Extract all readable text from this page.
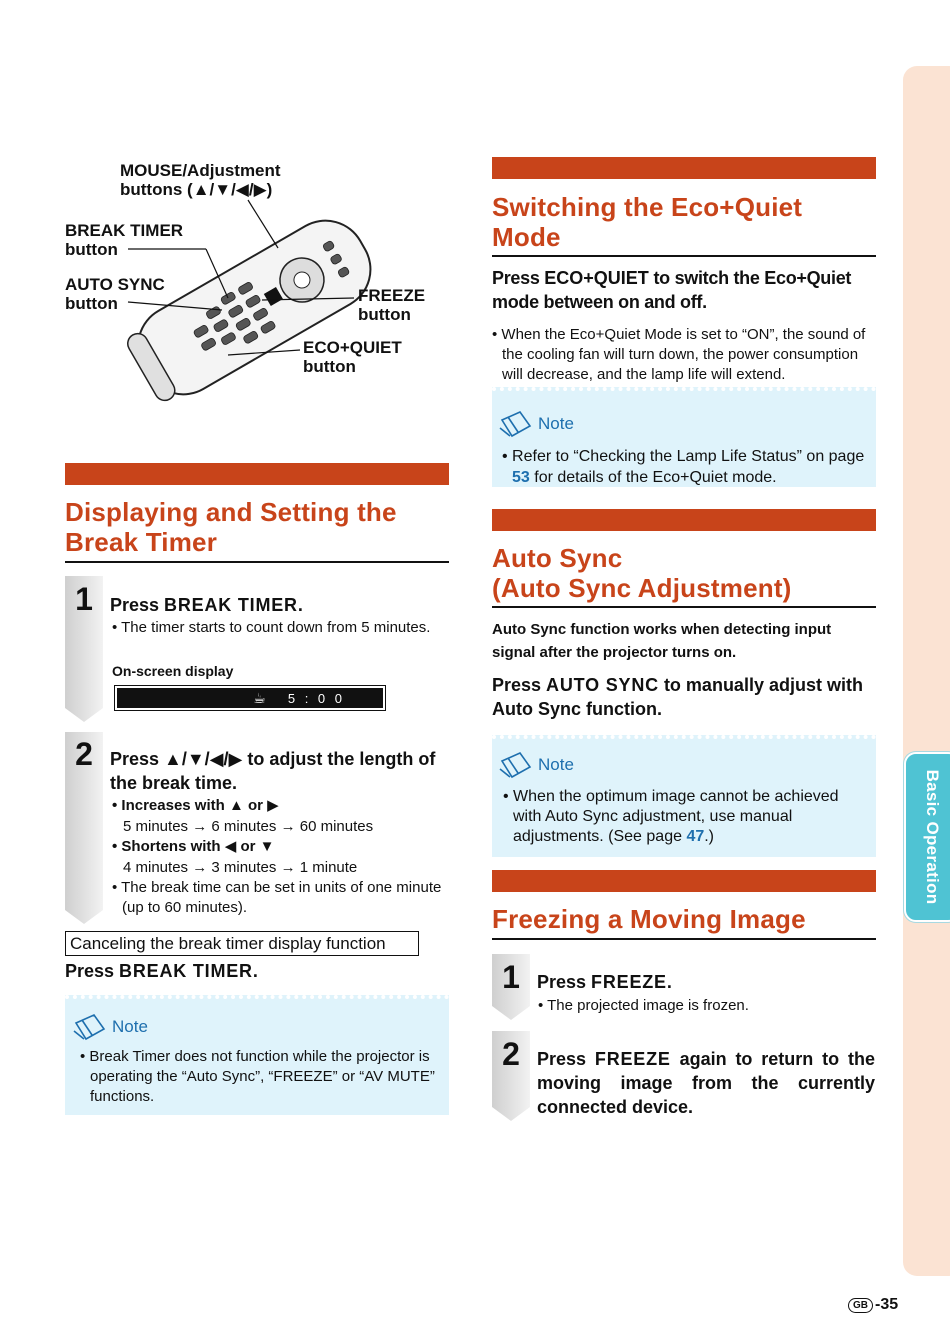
Basic Operation
MOUSE/Adjustment buttons (▲/▼/◀/▶)
BREAK TIMER button
AUTO SYNC button	FREEZE button
ECO+QUIET button
Displaying and Setting the Break Timer
1 Press BREAK TIMER.
• The timer starts to count down from 5 minutes.
On-screen display
☕ 5 : 0 0
2 Press ▲/▼/◀/▶ to adjust the length of the break time.
• Increases with ▲ or ▶
5 minutes → 6 minutes → 60 minutes
• Shortens with ◀ or ▼
4 minutes → 3 minutes → 1 minute
• The break time can be set in units of one minute (up to 60 minutes).
Canceling the break timer display function
Press BREAK TIMER.
Note
• Break Timer does not function while the projector is operating the “Auto Sync”, “FREEZE” or “AV MUTE” functions.
Switching the Eco+Quiet Mode
Press ECO+QUIET to switch the Eco+Quiet mode between on and off.
• When the Eco+Quiet Mode is set to “ON”, the sound of the cooling fan will turn down, the power consumption will decrease, and the lamp life will extend.
Note
• Refer to “Checking the Lamp Life Status” on page 53 for details of the Eco+Quiet mode.
Auto Sync
(Auto Sync Adjustment)
Auto Sync function works when detecting input signal after the projector turns on.
Press AUTO SYNC to manually adjust with Auto Sync function.
Note
• When the optimum image cannot be achieved with Auto Sync adjustment, use manual adjustments. (See page 47.)
Freezing a Moving Image
1 Press FREEZE.
• The projected image is frozen.
2 Press FREEZE again to return to the moving image from the currently connected device.
GB -35
